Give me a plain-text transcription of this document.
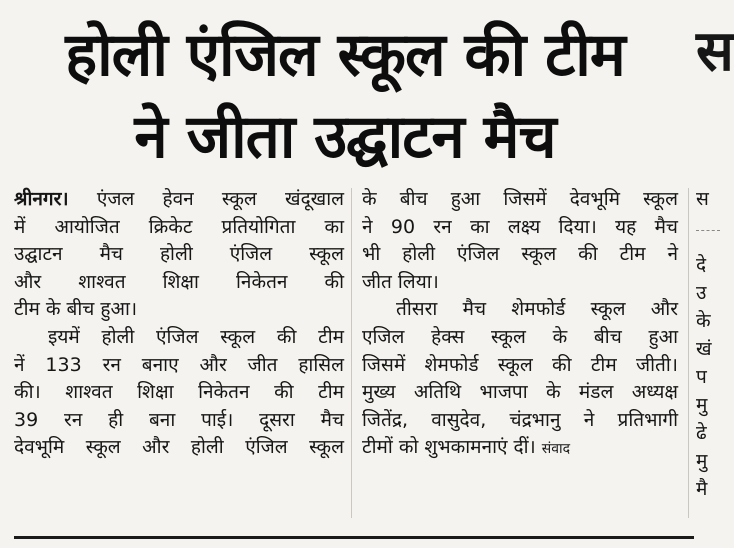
होली एंजिल स्कूल की टीम
ने जीता उद्घाटन मैच
श्रीनगर। एंजल हेवन स्कूल खंदूखाल
में आयोजित क्रिकेट प्रतियोगिता का
उद्घाटन मैच होली एंजिल स्कूल
और शाश्वत शिक्षा निकेतन की
टीम के बीच हुआ।
इयमें होली एंजिल स्कूल की टीम
नें 133 रन बनाए और जीत हासिल
की। शाश्वत शिक्षा निकेतन की टीम
39 रन ही बना पाई। दूसरा मैच
देवभूमि स्कूल और होली एंजिल स्कूल
के बीच हुआ जिसमें देवभूमि स्कूल
ने 90 रन का लक्ष्य दिया। यह मैच
भी होली एंजिल स्कूल की टीम ने
जीत लिया।
तीसरा मैच शेमफोर्ड स्कूल और
एजिल हेक्स स्कूल के बीच हुआ
जिसमें शेमफोर्ड स्कूल की टीम जीती।
मुख्य अतिथि भाजपा के मंडल अध्यक्ष
जितेंद्र, वासुदेव, चंद्रभानु ने प्रतिभागी
टीमों को शुभकामनाएं दीं। संवाद
स
स
दे
उ
के
खं
प
मु
ढे
मु
मै
